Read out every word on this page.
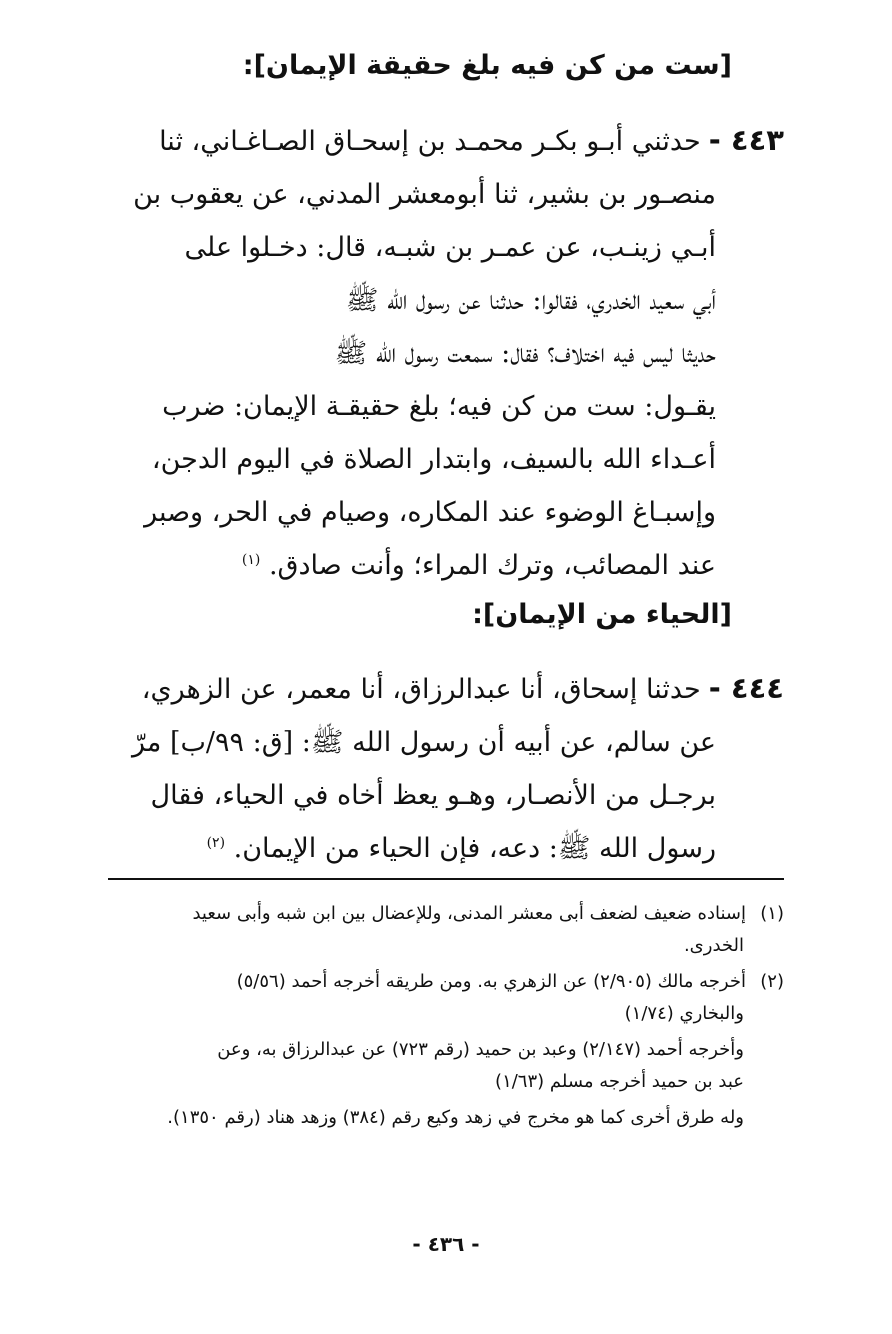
[ست من كن فيه بلغ حقيقة الإيمان]:
٤٤٣ -حدثني أبـو بكـر محمـد بن إسحـاق الصـاغـاني، ثنا
منصـور بن بشير، ثنا أبومعشر المدني، عن يعقوب بن
أبـي زينـب، عن عمـر بن شبـه، قال: دخـلوا على
أبي سعيد الخدري، فقالوا: حدثنا عن رسول الله ﷺ
حديثا ليس فيه اختلاف؟ فقال: سمعت رسول الله ﷺ
يقـول: ست من كن فيه؛ بلغ حقيقـة الإيمان: ضرب
أعـداء الله بالسيف، وابتدار الصلاة في اليوم الدجن،
وإسبـاغ الوضوء عند المكاره، وصيام في الحر، وصبر
عند المصائب، وترك المراء؛ وأنت صادق. $^{(١)}$
[الحياء من الإيمان]:
٤٤٤ -حدثنا إسحاق، أنا عبدالرزاق، أنا معمر، عن الزهري،
عن سالم، عن أبيه أن رسول الله ﷺ: [ق: ٩٩/ب] مرّ
برجـل من الأنصـار، وهـو يعظ أخاه في الحياء، فقال
رسول الله ﷺ: دعه، فإن الحياء من الإيمان. $^{(٢)}$
(١)إسناده ضعيف لضعف أبى معشر المدنى، وللإعضال بين ابن شبه وأبى سعيد
الخدرى.
(٢)أخرجه مالك (٢/٩٠٥) عن الزهري به. ومن طريقه أخرجه أحمد (٥/٥٦)
والبخاري (١/٧٤)
وأخرجه أحمد (٢/١٤٧) وعبد بن حميد (رقم ٧٢٣) عن عبدالرزاق به، وعن
عبد بن حميد أخرجه مسلم (١/٦٣)
وله طرق أخرى كما هو مخرج في زهد وكيع رقم (٣٨٤) وزهد هناد (رقم ١٣٥٠).
- ٤٣٦ -
